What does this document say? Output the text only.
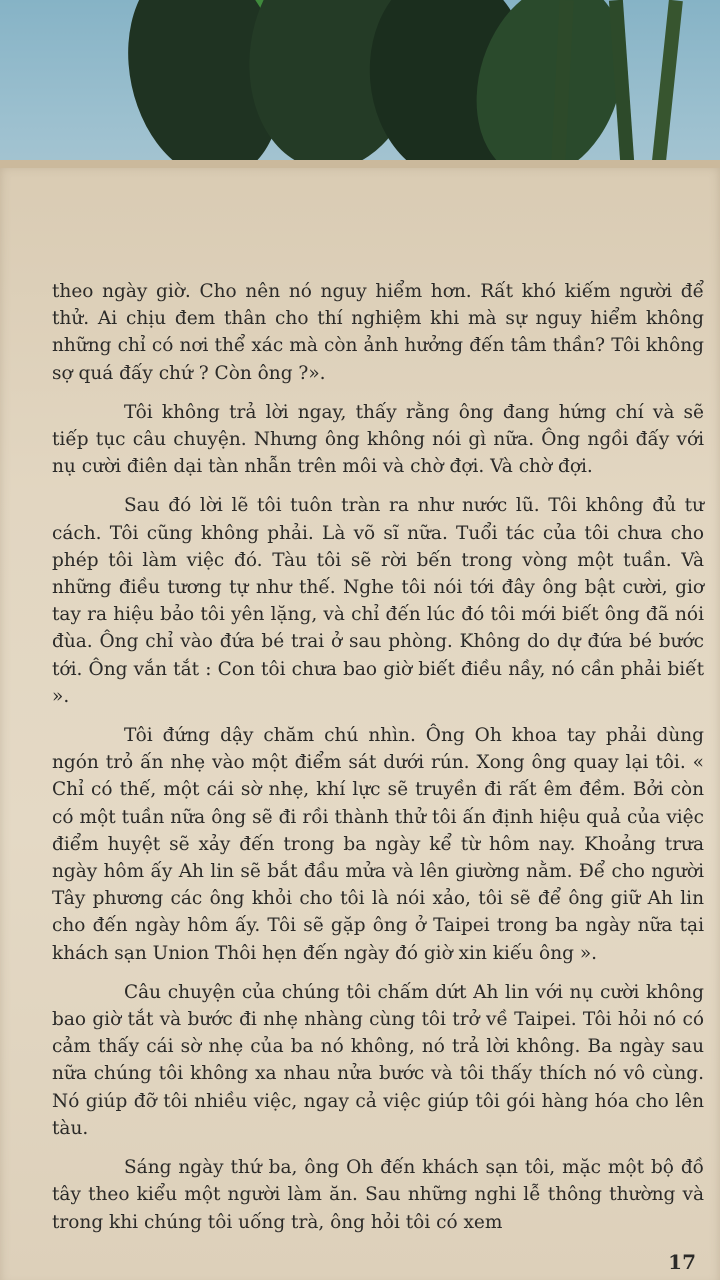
theo ngày giờ. Cho nên nó nguy hiểm hơn. Rất khó kiếm người để thử. Ai chịu đem thân cho thí nghiệm khi mà sự nguy hiểm không những chỉ có nơi thể xác mà còn ảnh hưởng đến tâm thần? Tôi không sợ quá đấy chứ ? Còn ông ?».

Tôi không trả lời ngay, thấy rằng ông đang hứng chí và sẽ tiếp tục câu chuyện. Nhưng ông không nói gì nữa. Ông ngồi đấy với nụ cười điên dại tàn nhẫn trên môi và chờ đợi. Và chờ đợi.

Sau đó lời lẽ tôi tuôn tràn ra như nước lũ. Tôi không đủ tư cách. Tôi cũng không phải. Là võ sĩ nữa. Tuổi tác của tôi chưa cho phép tôi làm việc đó. Tàu tôi sẽ rời bến trong vòng một tuần. Và những điều tương tự như thế. Nghe tôi nói tới đây ông bật cười, giơ tay ra hiệu bảo tôi yên lặng, và chỉ đến lúc đó tôi mới biết ông đã nói đùa. Ông chỉ vào đứa bé trai ở sau phòng. Không do dự đứa bé bước tới. Ông vắn tắt : Con tôi chưa bao giờ biết điều nầy, nó cần phải biết ».

Tôi đứng dậy chăm chú nhìn. Ông Oh khoa tay phải dùng ngón trỏ ấn nhẹ vào một điểm sát dưới rún. Xong ông quay lại tôi. « Chỉ có thế, một cái sờ nhẹ, khí lực sẽ truyền đi rất êm đềm. Bởi còn có một tuần nữa ông sẽ đi rồi thành thử tôi ấn định hiệu quả của việc điểm huyệt sẽ xảy đến trong ba ngày kể từ hôm nay. Khoảng trưa ngày hôm ấy Ah lin sẽ bắt đầu mửa và lên giường nằm. Để cho người Tây phương các ông khỏi cho tôi là nói xảo, tôi sẽ để ông giữ Ah lin cho đến ngày hôm ấy. Tôi sẽ gặp ông ở Taipei trong ba ngày nữa tại khách sạn Union Thôi hẹn đến ngày đó giờ xin kiếu ông ».

Câu chuyện của chúng tôi chấm dứt Ah lin với nụ cười không bao giờ tắt và bước đi nhẹ nhàng cùng tôi trở về Taipei. Tôi hỏi nó có cảm thấy cái sờ nhẹ của ba nó không, nó trả lời không. Ba ngày sau nữa chúng tôi không xa nhau nửa bước và tôi thấy thích nó vô cùng. Nó giúp đỡ tôi nhiều việc, ngay cả việc giúp tôi gói hàng hóa cho lên tàu.

Sáng ngày thứ ba, ông Oh đến khách sạn tôi, mặc một bộ đồ tây theo kiểu một người làm ăn. Sau những nghi lễ thông thường và trong khi chúng tôi uống trà, ông hỏi tôi có xem

17
